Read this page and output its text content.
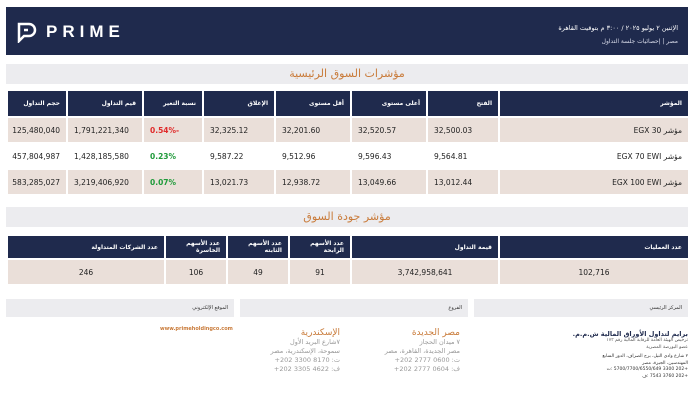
PRIME	الإثنين ٢ يوليو ٢٠٢٥ / ٣:٠٠ م بتوقيت القاهرة
مصر | إحصائيات جلسة التداول
مؤشرات السوق الرئيسية
المؤشر	الفتح	أعلى مستوى	أقل مستوى	الإغلاق	نسبة التغير	قيم التداول	حجم التداول
مؤشر EGX 30	32,500.03	32,520.57	32,201.60	32,325.12	-0.54%	1,791,221,340	125,480,040
مؤشر EGX 70 EWI	9,564.81	9,596.43	9,512.96	9,587.22	0.23%	1,428,185,580	457,804,987
مؤشر EGX 100 EWI	13,012.44	13,049.66	12,938.72	13,021.73	0.07%	3,219,406,920	583,285,027
مؤشر جودة السوق
عدد العمليات	قيمة التداول	عدد الأسهم الرابحة	عدد الأسهم الثابته	عدد الأسهم الخاسرة	عدد الشركات المتداولة
102,716	3,742,958,641	91	49	106	246
المركز الرئيسي
الفروع
الموقع الإلكتروني
www.primeholdingco.com	الإسكندرية
٧شارع البريد الأول
سموحة، الإسكندرية، مصر
ت: 8170 3300 202+
ف: 4622 3305 202+
مصر الجديدة
٧ ميدان الحجاز
مصر الجديدة، القاهرة، مصر
ت: 0600 2777 202+
ف: 0604 2777 202+
برايم لتداول الأوراق المالية ش.م.م.
ترخيص الهيئة العامة للرقابة المالية رقم ١٧٣
عضو البورصة المصرية
٢ شارع وادي النيل، برج الصراف، الدور السابع
المهندسين، الجيزة، مصر
+202 3300 5700/7700/6550/649 :ت
+202 3760 7543 :ف
